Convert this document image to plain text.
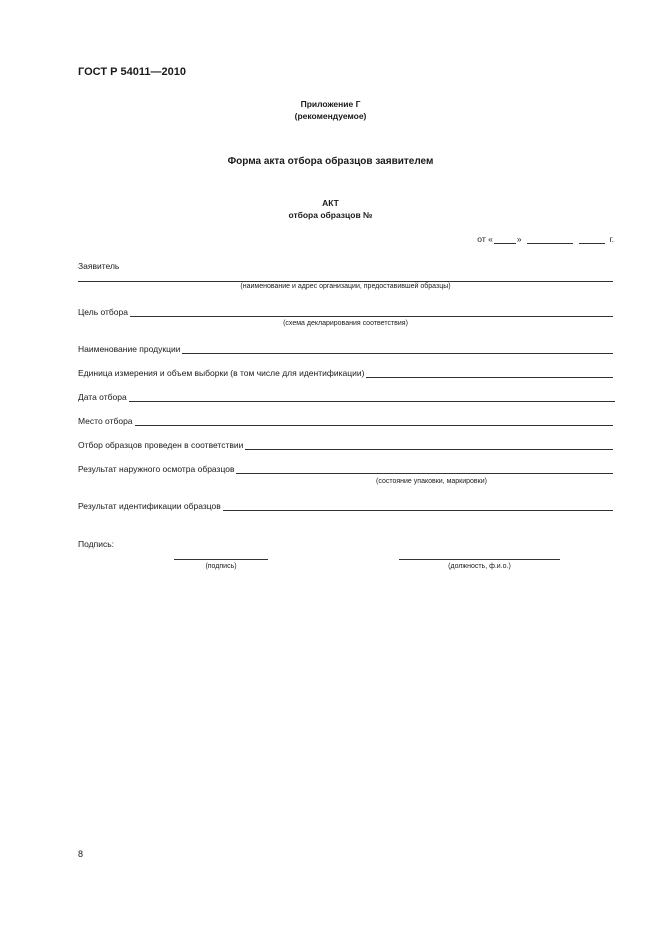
ГОСТ Р 54011—2010
Приложение Г
(рекомендуемое)
Форма акта отбора образцов заявителем
АКТ
отбора образцов №
от «	»	г.
Заявитель
(наименование и адрес организации, предоставившей образцы)
Цель отбора
(схема декларирования соответствия)
Наименование продукции
Единица измерения и объем выборки (в том числе для идентификации)
Дата отбора
Место отбора
Отбор образцов проведен в соответствии
Результат наружного осмотра образцов
(состояние упаковки, маркировки)
Результат идентификации образцов
Подпись:
(подпись)	(должность, ф.и.о.)
8
